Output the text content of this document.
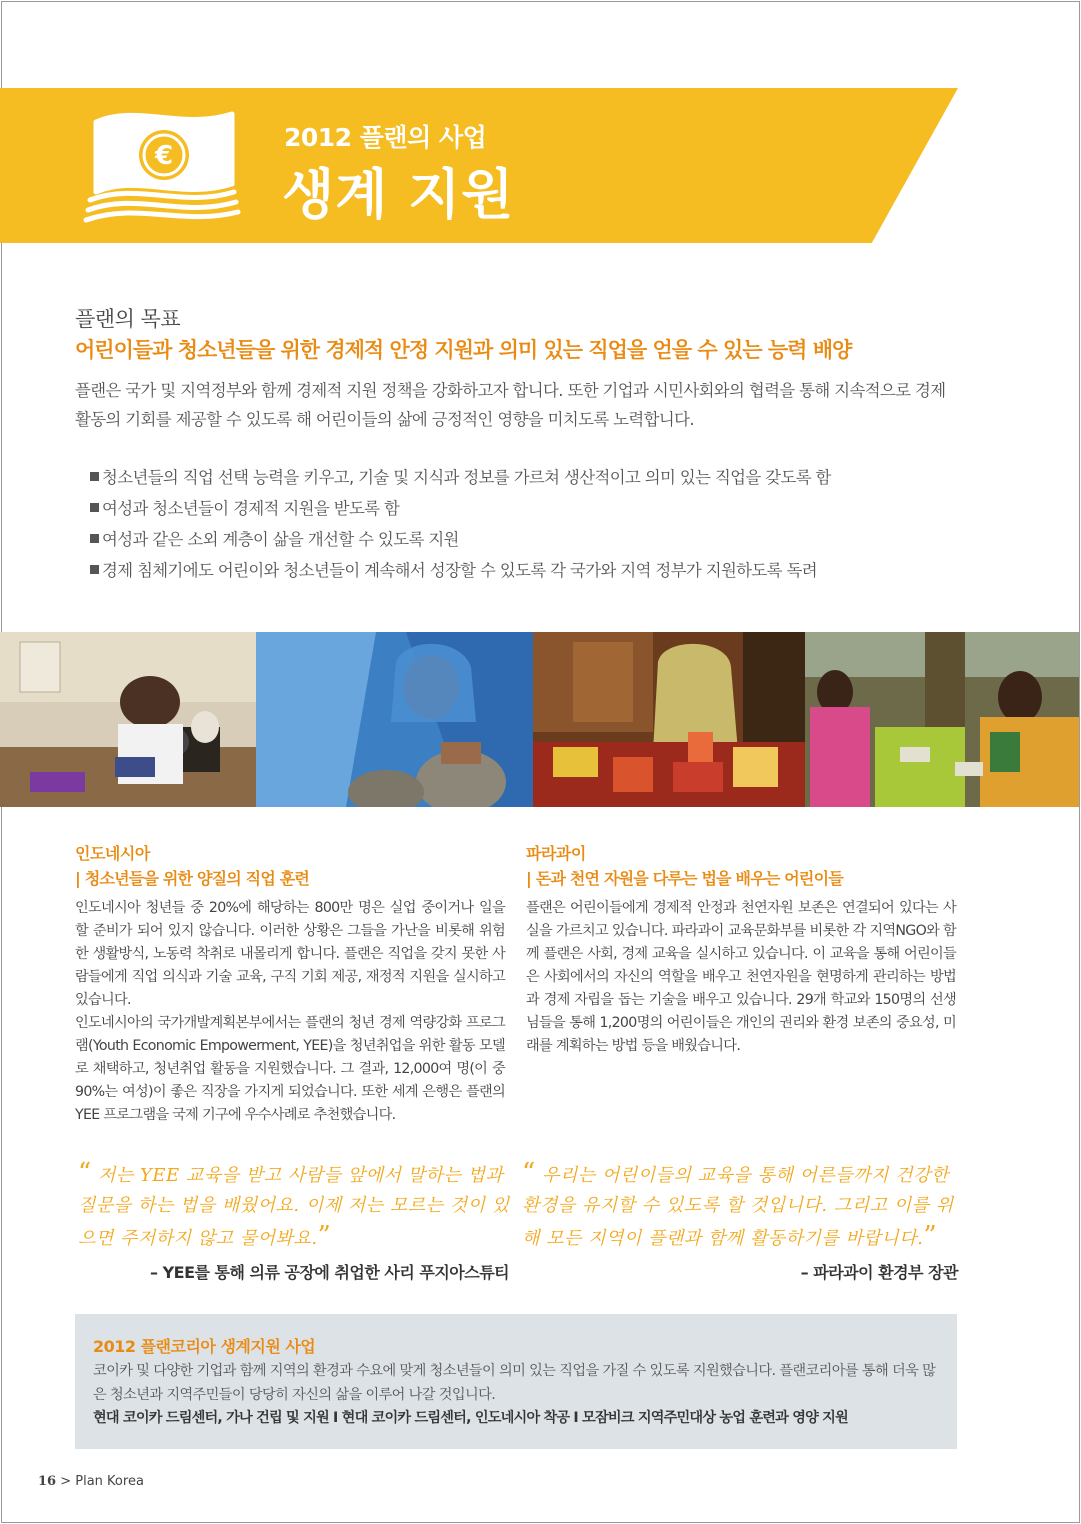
€
2012 플랜의 사업
생계 지원
플랜의 목표
어린이들과 청소년들을 위한 경제적 안정 지원과 의미 있는 직업을 얻을 수 있는 능력 배양
플랜은 국가 및 지역정부와 함께 경제적 지원 정책을 강화하고자 합니다. 또한 기업과 시민사회와의 협력을 통해 지속적으로 경제 활동의 기회를 제공할 수 있도록 해 어린이들의 삶에 긍정적인 영향을 미치도록 노력합니다.
청소년들의 직업 선택 능력을 키우고, 기술 및 지식과 정보를 가르쳐 생산적이고 의미 있는 직업을 갖도록 함
여성과 청소년들이 경제적 지원을 받도록 함
여성과 같은 소외 계층이 삶을 개선할 수 있도록 지원
경제 침체기에도 어린이와 청소년들이 계속해서 성장할 수 있도록 각 국가와 지역 정부가 지원하도록 독려
인도네시아
| 청소년들을 위한 양질의 직업 훈련

인도네시아 청년들 중 20%에 해당하는 800만 명은 실업 중이거나 일을 할 준비가 되어 있지 않습니다. 이러한 상황은 그들을 가난을 비롯해 위험한 생활방식, 노동력 착취로 내몰리게 합니다. 플랜은 직업을 갖지 못한 사람들에게 직업 의식과 기술 교육, 구직 기회 제공, 재정적 지원을 실시하고 있습니다.

인도네시아의 국가개발계획본부에서는 플랜의 청년 경제 역량강화 프로그램(Youth Economic Empowerment, YEE)을 청년취업을 위한 활동 모델로 채택하고, 청년취업 활동을 지원했습니다. 그 결과, 12,000여 명(이 중 90%는 여성)이 좋은 직장을 가지게 되었습니다. 또한 세계 은행은 플랜의 YEE 프로그램을 국제 기구에 우수사례로 추천했습니다.

파라과이
| 돈과 천연 자원을 다루는 법을 배우는 어린이들

플랜은 어린이들에게 경제적 안정과 천연자원 보존은 연결되어 있다는 사실을 가르치고 있습니다. 파라과이 교육문화부를 비롯한 각 지역NGO와 함께 플랜은 사회, 경제 교육을 실시하고 있습니다. 이 교육을 통해 어린이들은 사회에서의 자신의 역할을 배우고 천연자원을 현명하게 관리하는 방법과 경제 자립을 돕는 기술을 배우고 있습니다. 29개 학교와 150명의 선생님들을 통해 1,200명의 어린이들은 개인의 권리와 환경 보존의 중요성, 미래를 계획하는 방법 등을 배웠습니다.

“ 저는 YEE 교육을 받고 사람들 앞에서 말하는 법과 질문을 하는 법을 배웠어요. 이제 저는 모르는 것이 있으면 주저하지 않고 물어봐요.”
– YEE를 통해 의류 공장에 취업한 사리 푸지아스튜티
“ 우리는 어린이들의 교육을 통해 어른들까지 건강한 환경을 유지할 수 있도록 할 것입니다. 그리고 이를 위해 모든 지역이 플랜과 함께 활동하기를 바랍니다.”
– 파라과이 환경부 장관
2012 플랜코리아 생계지원 사업
코이카 및 다양한 기업과 함께 지역의 환경과 수요에 맞게 청소년들이 의미 있는 직업을 가질 수 있도록 지원했습니다. 플랜코리아를 통해 더욱 많은 청소년과 지역주민들이 당당히 자신의 삶을 이루어 나갈 것입니다.
현대 코이카 드림센터, 가나 건립 및 지원 I 현대 코이카 드림센터, 인도네시아 착공 I 모잠비크 지역주민대상 농업 훈련과 영양 지원
16 > Plan Korea
